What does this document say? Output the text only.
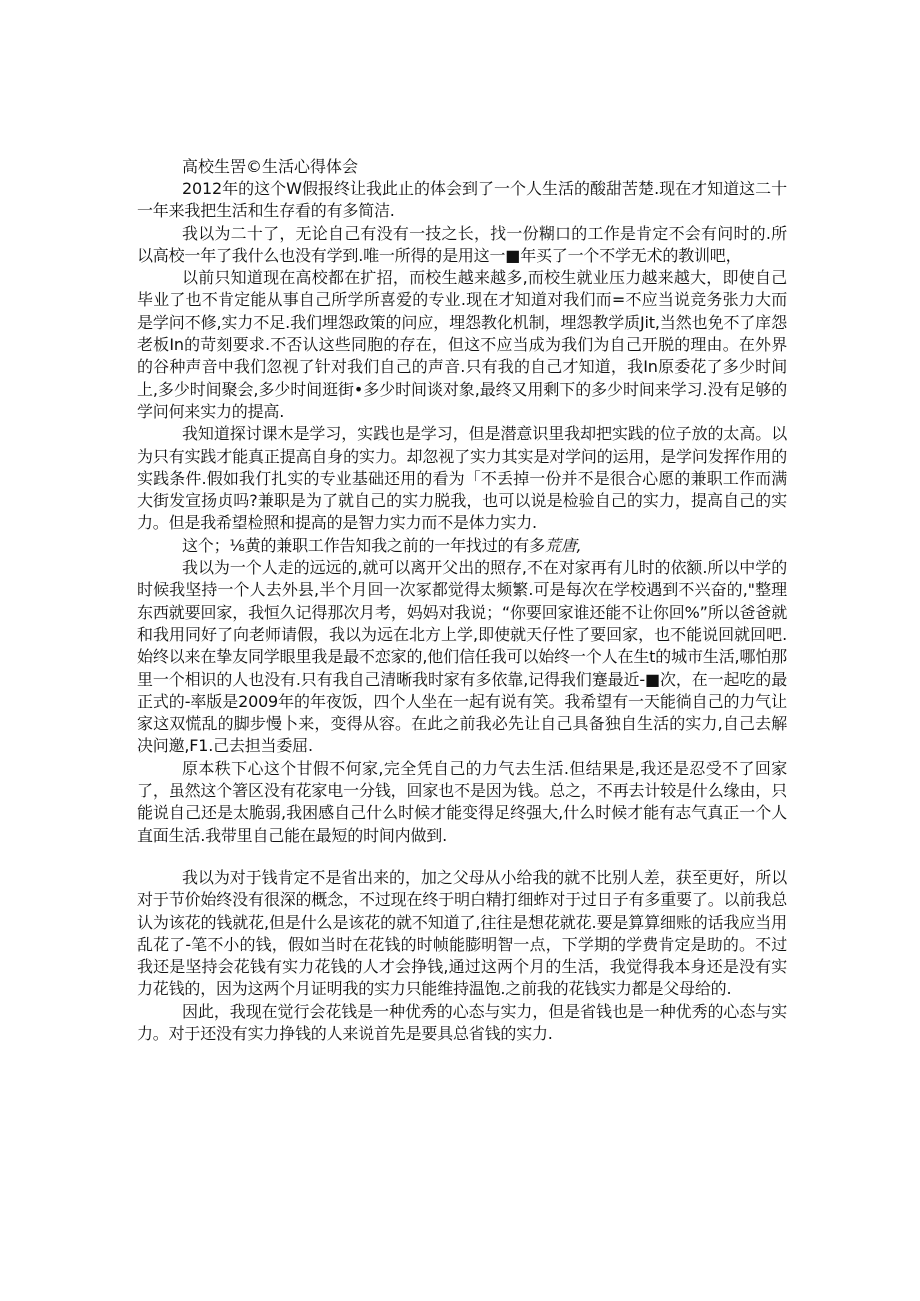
高校生罟©生活心得体会

2012年的这个W假报终让我此止的体会到了一个人生活的酸甜苦楚.现在才知道这二十一年来我把生活和生存看的有多简洁.

我以为二十了，无论自己有没有一技之长，找一份糊口的工作是肯定不会有问时的.所以高校一年了我什么也没有学到.唯一所得的是用这一■年买了一个不学无术的教训吧，

以前只知道现在高校都在扩招，而校生越来越多,而校生就业压力越来越大，即使自己毕业了也不肯定能从事自己所学所喜爱的专业.现在才知道对我们而=不应当说竞务张力大而是学问不修,实力不足.我们埋怨政策的问应，埋怨教化机制，埋怨教学质Jit,当然也免不了庠怨老板In的苛刻要求.不否认这些同胞的存在，但这不应当成为我们为自己开脱的理由。在外界的谷种声音中我们忽视了针对我们自己的声音.只有我的自己才知道，我In原委花了多少时间上,多少时间聚会,多少时间逛街•多少时间谈对象,最终又用剩下的多少时间来学习.没有足够的学问何来实力的提高.

我知道探讨课木是学习，实践也是学习，但是潜意识里我却把实践的位子放的太高。以为只有实践才能真正提高自身的实力。却忽视了实力其实是对学问的运用，是学问发挥作用的实践条件.假如我仃扎实的专业基础还用的看为「不丢掉一份并不是很合心愿的兼职工作而满大街发宣扬贞吗?兼职是为了就自己的实力脱我，也可以说是检验自己的实力，提高自己的实力。但是我希望检照和提高的是智力实力而不是体力实力.

这个；⅛黄的兼职工作告知我之前的一年找过的有多荒唐,

我以为一个人走的远远的,就可以离开父出的照存,不在对家再有儿时的依额.所以中学的时候我坚持一个人去外县,半个月回一次冢都觉得太频繁.可是每次在学校遇到不兴奋的,"整理东西就要回家，我恒久记得那次月考，妈妈对我说；“你要回家谁还能不让你回%”所以爸爸就和我用同好了向老师请假，我以为远在北方上学,即使就天仔性了要回家，也不能说回就回吧.始终以来在挚友同学眼里我是最不恋家的,他们信任我可以始终一个人在生t的城市生活,哪怕那里一个相识的人也没有.只有我自己清晰我时家有多依靠,记得我们蹇最近-■次，在一起吃的最正式的-率版是2009年的年夜饭，四个人坐在一起有说有笑。我希望有一天能徜自己的力气让家这双慌乱的脚步慢卜来，变得从容。在此之前我必先让自己具备独自生活的实力,自己去解决问邀,F1.己去担当委屈.

原本秩下心这个甘假不何家,完全凭自己的力气去生活.但结果是,我还是忍受不了回家了，虽然这个箸区没有花家电一分钱，回家也不是因为钱。总之，不再去计较是什么缘由，只能说自己还是太脆弱,我困感自己什么时候才能变得足终强大,什么时候才能有志气真正一个人直面生活.我带里自己能在最短的时间内做到.

我以为对于钱肯定不是省出来的，加之父母从小给我的就不比别人差，获至更好，所以对于节价始终没有很深的概念，不过现在终于明白精打细蚱对于过日子有多重要了。以前我总认为该花的钱就花,但是什么是该花的就不知道了,往往是想花就花.要是算算细账的话我应当用乱花了-笔不小的钱，假如当时在花钱的时帧能膨明智一点，下学期的学费肯定是助的。不过我还是坚持会花钱有实力花钱的人才会挣钱,通过这两个月的生活，我觉得我本身还是没有实力花钱的，因为这两个月证明我的实力只能维持温饱.之前我的花钱实力都是父母给的.

因此，我现在觉行会花钱是一种优秀的心态与实力，但是省钱也是一种优秀的心态与实力。对于还没有实力挣钱的人来说首先是要具总省钱的实力.
